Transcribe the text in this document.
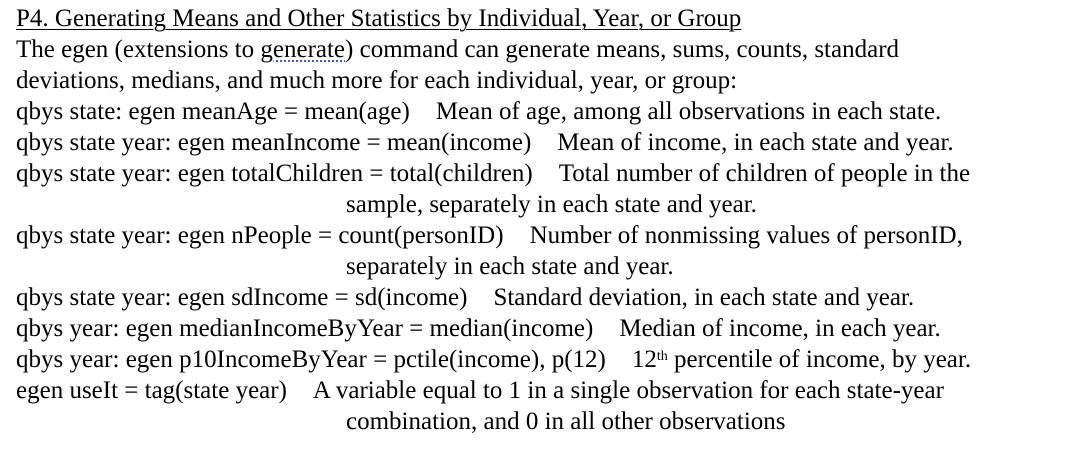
P4. Generating Means and Other Statistics by Individual, Year, or Group
The egen (extensions to generate) command can generate means, sums, counts, standard
deviations, medians, and much more for each individual, year, or group:
qbys state: egen meanAge = mean(age) Mean of age, among all observations in each state.
qbys state year: egen meanIncome = mean(income) Mean of income, in each state and year.
qbys state year: egen totalChildren = total(children) Total number of children of people in the
sample, separately in each state and year.
qbys state year: egen nPeople = count(personID) Number of nonmissing values of personID,
separately in each state and year.
qbys state year: egen sdIncome = sd(income) Standard deviation, in each state and year.
qbys year: egen medianIncomeByYear = median(income) Median of income, in each year.
qbys year: egen p10IncomeByYear = pctile(income), p(12) 12th percentile of income, by year.
egen useIt = tag(state year) A variable equal to 1 in a single observation for each state-year
combination, and 0 in all other observations
